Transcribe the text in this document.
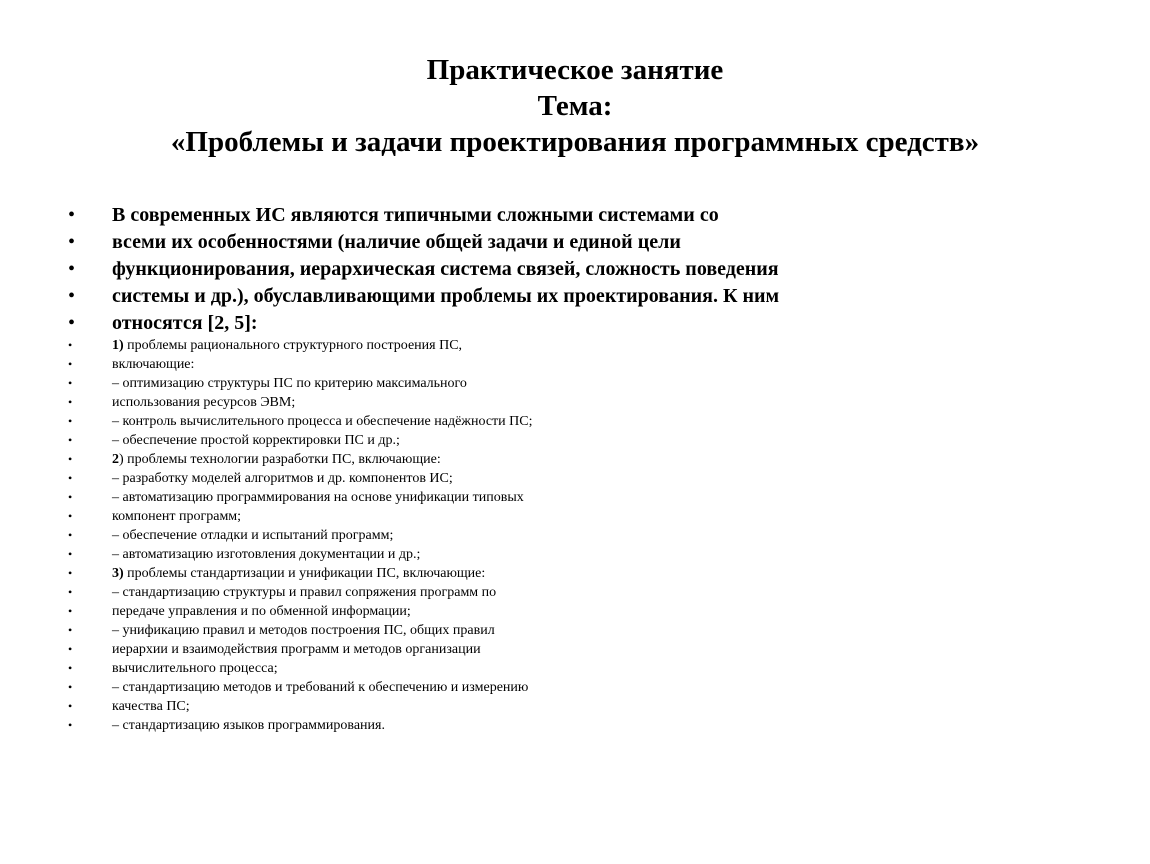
Практическое занятие
Тема:
«Проблемы и задачи проектирования программных средств»
• В современных ИС являются типичными сложными системами со
• всеми их особенностями (наличие общей задачи и единой цели
• функционирования, иерархическая система связей, сложность поведения
• системы и др.), обуславливающими проблемы их проектирования. К ним
• относятся [2, 5]:
•	1) проблемы рационального структурного построения ПС,
•	включающие:
•	– оптимизацию структуры ПС по критерию максимального
•	использования ресурсов ЭВМ;
•	– контроль вычислительного процесса и обеспечение надёжности ПС;
•	– обеспечение простой корректировки ПС и др.;
•	2) проблемы технологии разработки ПС, включающие:
•	– разработку моделей алгоритмов и др. компонентов ИС;
•	– автоматизацию программирования на основе унификации типовых
•	компонент программ;
•	– обеспечение отладки и испытаний программ;
•	– автоматизацию изготовления документации и др.;
•	3) проблемы стандартизации и унификации ПС, включающие:
•	– стандартизацию структуры и правил сопряжения программ по
•	передаче управления и по обменной информации;
•	– унификацию правил и методов построения ПС, общих правил
•	иерархии и взаимодействия программ и методов организации
•	вычислительного процесса;
•	– стандартизацию методов и требований к обеспечению и измерению
•	качества ПС;
•	– стандартизацию языков программирования.
